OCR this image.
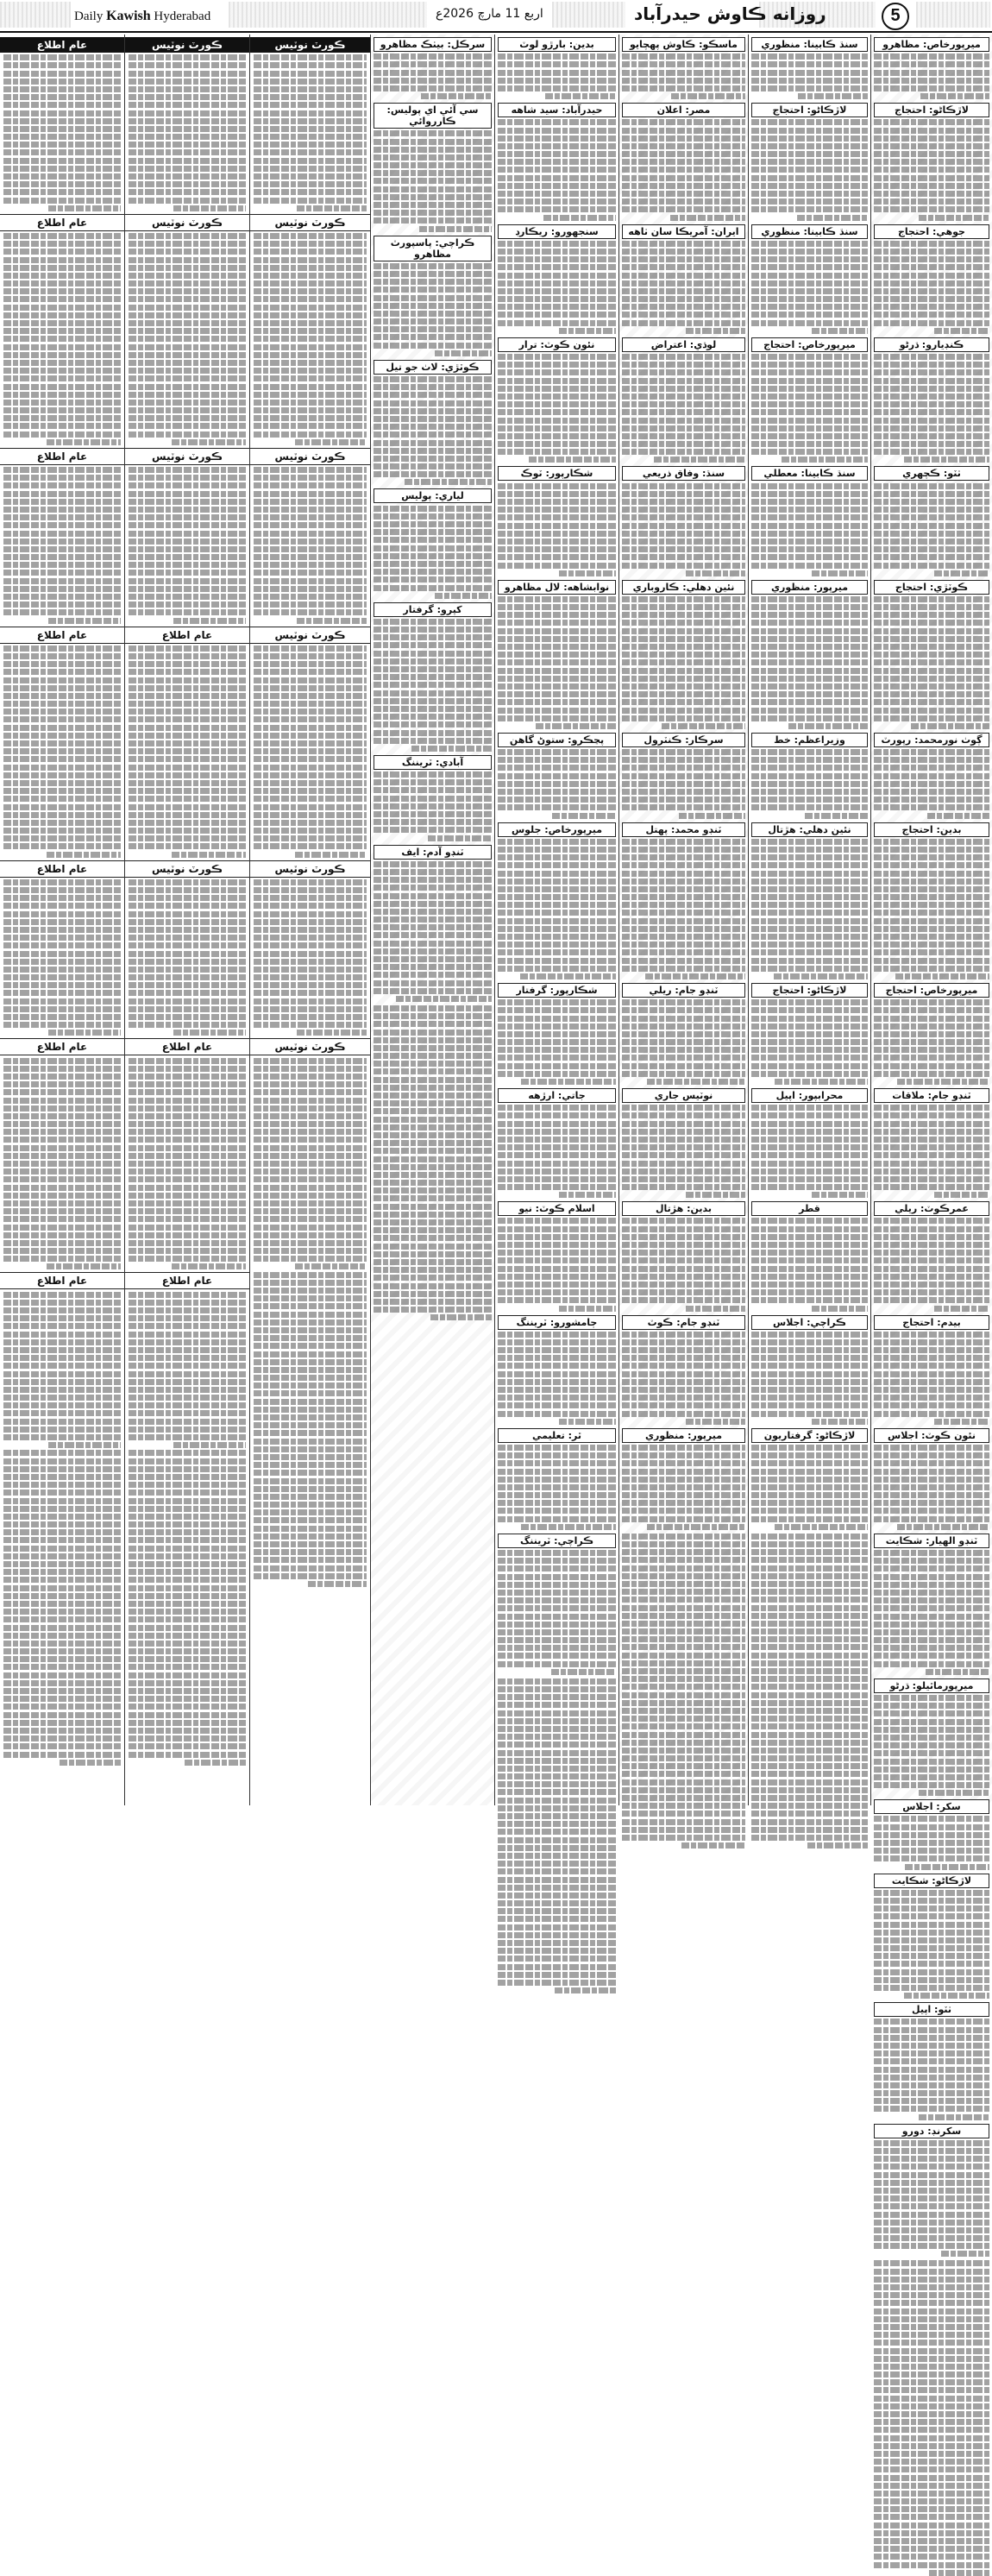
Daily Kawish Hyderabad	اربع 11 مارچ 2026ع	روزانه ڪاوش حيدرآباد	5
ميرپورخاص: مظاهرو
لاڙڪاڻو: احتجاج
جوهي: احتجاج
ڪنڊيارو: ڌرڻو
ٺٽو: ڪچهري
ڪوٽڙي: احتجاج
ڳوٺ نورمحمد: رپورٽ
بدين: احتجاج
ميرپورخاص: احتجاج
ٽنڊو جام: ملاقات
عمرڪوٽ: ريلي
بيدم: احتجاج
نئون ڪوٽ: اجلاس
ٽنڊو الهيار: شڪايت
ميرپورماٿيلو: ڌرڻو
سکر: اجلاس
لاڙڪاڻو: شڪايت
ٺٽو: اپيل
سکرنڊ: دورو
سنڌ ڪابينا: منظوري
لاڙڪاڻو: احتجاج
سنڌ ڪابينا: منظوري
ميرپورخاص: احتجاج
سنڌ ڪابينا: معطلي
ميرپور: منظوري
وزيراعظم: خط
نئين دهلي: هڙتال
لاڙڪاڻو: احتجاج
محرابپور: اپيل
قطر
ڪراچي: اجلاس
لاڙڪاڻو: گرفتاريون
ماسڪو: ڪاوش پهچايو
مصر: اعلان
ايران: آمريڪا سان ٺاهه
لوڌي: اعتراض
سنڌ: وفاق ذريعي
نئين دهلي: ڪاروباري
سرڪار: ڪنٽرول
ٽنڊو محمد: پهتل
ٽنڊو جام: ريلي
نوٽيس جاري
بدين: هڙتال
ٽنڊو جام: ڪوٽ
ميرپور: منظوري
بدين: بارڙو لوٽ
حيدرآباد: سيد شاهه
سنجهورو: ريڪارڊ
نئون ڪوٽ: ترار
شڪارپور: ٽوڪ
نوابشاهه: لال مظاهرو
پڃڪرو: ستوڻ گاهن
ميرپورخاص: جلوس
شڪارپور: گرفتار
جاتي: ارڙهه
اسلام ڪوٽ: نيو
ڄامشورو: ٽريننگ
ٿر: تعليمي
ڪراچي: ٽريننگ
سرڪل: بيٺڪ مظاهرو
سي آئي اي پوليس: ڪارروائي
ڪراچي: پاسپورٽ مظاهرو
ڪوٽڙي: لاٺ جو تيل
لياري: پوليس
کپرو: گرفتار
آبادي: ٽريننگ
ٽنڊو آدم: ايف
ڪورٽ نوٽيس
ڪورٽ نوٽيس
ڪورٽ نوٽيس
ڪورٽ نوٽيس
ڪورٽ نوٽيس
ڪورٽ نوٽيس
ڪورٽ نوٽيس
ڪورٽ نوٽيس
ڪورٽ نوٽيس
عام اطلاع
ڪورٽ نوٽيس
عام اطلاع
عام اطلاع
عام اطلاع
عام اطلاع
عام اطلاع
عام اطلاع
عام اطلاع
عام اطلاع
عام اطلاع
